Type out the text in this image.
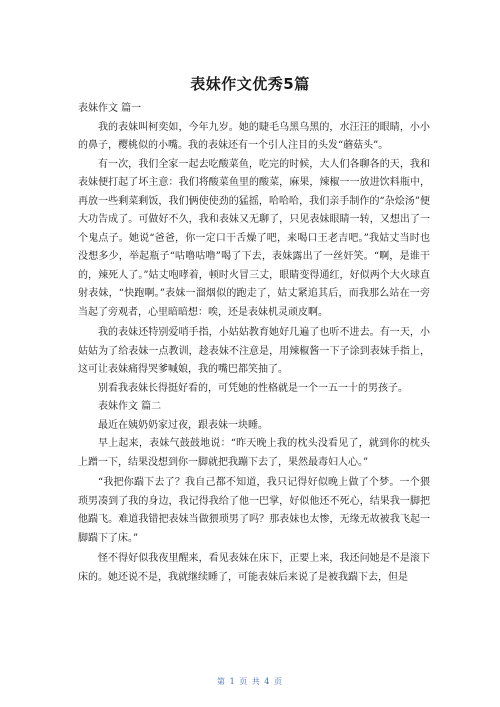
表妹作文优秀5篇

表妹作文 篇一

我的表妹叫柯奕如，今年九岁。她的睫毛乌黑乌黑的，水汪汪的眼睛，小小的鼻子，樱桃似的小嘴。我的表妹还有一个引人注目的头发“蘑菇头”。

有一次，我们全家一起去吃酸菜鱼，吃完的时候，大人们各聊各的天，我和表妹便打起了坏主意：我们将酸菜鱼里的酸菜，麻果，辣椒一一放进饮料瓶中，再放一些剩菜剩饭，我们俩使使劲的猛摇，哈哈哈，我们亲手制作的“杂烩汤”便大功告成了。可做好不久，我和表妹又无聊了，只见表妹眼睛一转，又想出了一个鬼点子。她说“爸爸，你一定口干舌燥了吧，来喝口王老吉吧。”我姑丈当时也没想多少，举起瓶子“咕噜咕噜”喝了下去，表妹露出了一丝奸笑。“啊，是谁干的，辣死人了。”姑丈咆哮着，顿时火冒三丈，眼睛变得通红，好似两个大火球直射表妹，“快跑啊。”表妹一溜烟似的跑走了，姑丈紧追其后，而我那么站在一旁当起了旁观者，心里暗暗想：唉，还是表妹机灵顽皮啊。

我的表妹还特别爱哨手指，小姑姑教育她好几遍了也听不进去。有一天，小姑姑为了给表妹一点教训，趁表妹不注意是，用辣椒酱一下子涂到表妹手指上，这可让表妹痛得哭爹喊娘，我的嘴巴都笑抽了。

别看我表妹长得挺好看的，可凭她的性格就是一个一五一十的男孩子。

表妹作文 篇二

最近在姨奶奶家过夜，跟表妹一块睡。

早上起来，表妹气鼓鼓地说：“昨天晚上我的枕头没看见了，就到你的枕头上蹭一下，结果没想到你一脚就把我蹦下去了，果然最毒妇人心。”

“我把你踹下去了？我自己都不知道，我只记得好似晚上做了个梦。一个猥琐男凑到了我的身边，我记得我给了他一巴掌，好似他还不死心，结果我一脚把他踹飞。难道我错把表妹当做猥琐男了吗？那表妹也太惨，无缘无故被我飞起一脚踹下了床。”

怪不得好似我夜里醒来，看见表妹在床下，正要上来，我还问她是不是滚下床的。她还说不是，我就继续睡了，可能表妹后来说了是被我踹下去，但是

第 1 页 共 4 页
